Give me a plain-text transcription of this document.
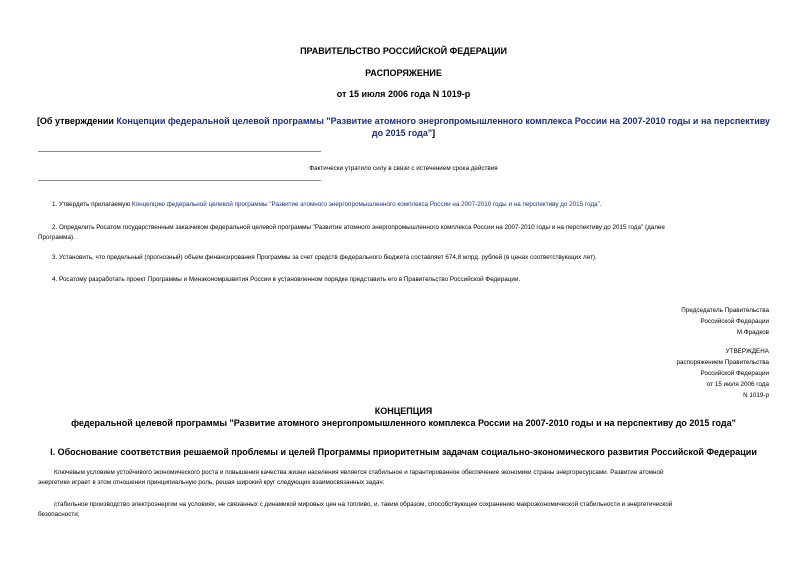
ПРАВИТЕЛЬСТВО РОССИЙСКОЙ ФЕДЕРАЦИИ
РАСПОРЯЖЕНИЕ
от 15 июля 2006 года N 1019-р
[Об утверждении Концепции федеральной целевой программы "Развитие атомного энергопромышленного комплекса России на 2007-2010 годы и на перспективу
до 2015 года"]
Фактически утратило силу в связи с истечением срока действия
1. Утвердить прилагаемую Концепцию федеральной целевой программы "Развитие атомного энергопромышленного комплекса России на 2007-2010 годы и на перспективу до 2015 года".
2. Определить Росатом государственным заказчиком федеральной целевой программы "Развитие атомного энергопромышленного комплекса России на 2007-2010 годы и на перспективу до 2015 года" (далее
Программа).
3. Установить, что предельный (прогнозный) объем финансирования Программы за счет средств федерального бюджета составляет 674,8 млрд. рублей (в ценах соответствующих лет).
4. Росатому разработать проект Программы и Минэкономразвития России в установленном порядке представить его в Правительство Российской Федерации.
Председатель Правительства
Российской Федерации
М.Фрадков
УТВЕРЖДЕНА
распоряжением Правительства
Российской Федерации
от 15 июля 2006 года
N 1019-р
КОНЦЕПЦИЯ
федеральной целевой программы "Развитие атомного энергопромышленного комплекса России на 2007-2010 годы и на перспективу до 2015 года"
I. Обоснование соответствия решаемой проблемы и целей Программы приоритетным задачам социально-экономического развития Российской Федерации
Ключевым условием устойчивого экономического роста и повышения качества жизни населения является стабильное и гарантированное обеспечение экономики страны энергоресурсами. Развитие атомной
энергетики играет в этом отношении принципиальную роль, решая широкий круг следующих взаимосвязанных задач:
стабильное производство электроэнергии на условиях, не связанных с динамикой мировых цен на топливо, и, таким образом, способствующее сохранению макроэкономической стабильности и энергетической
безопасности;
